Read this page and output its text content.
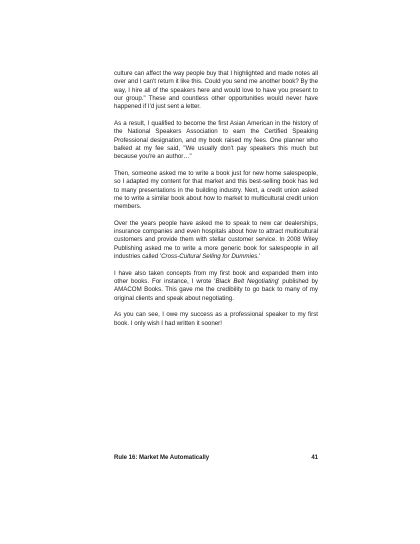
culture can affect the way people buy that I highlighted and made notes all over and I can't return it like this. Could you send me another book? By the way, I hire all of the speakers here and would love to have you present to our group." These and countless other opportunities would never have happened if I'd just sent a letter.

As a result, I qualified to become the first Asian American in the history of the National Speakers Association to earn the Certified Speaking Professional designation, and my book raised my fees. One planner who balked at my fee said, "We usually don't pay speakers this much but because you're an author…"

Then, someone asked me to write a book just for new home salespeople, so I adapted my content for that market and this best-selling book has led to many presentations in the building industry. Next, a credit union asked me to write a similar book about how to market to multicultural credit union members.

Over the years people have asked me to speak to new car dealerships, insurance companies and even hospitals about how to attract multicultural customers and provide them with stellar customer service. In 2008 Wiley Publishing asked me to write a more generic book for salespeople in all industries called 'Cross-Cultural Selling for Dummies.'

I have also taken concepts from my first book and expanded them into other books. For instance, I wrote 'Black Belt Negotiating' published by AMACOM Books. This gave me the credibility to go back to many of my original clients and speak about negotiating.

As you can see, I owe my success as a professional speaker to my first book. I only wish I had written it sooner!

Rule 16: Market Me Automatically	41
